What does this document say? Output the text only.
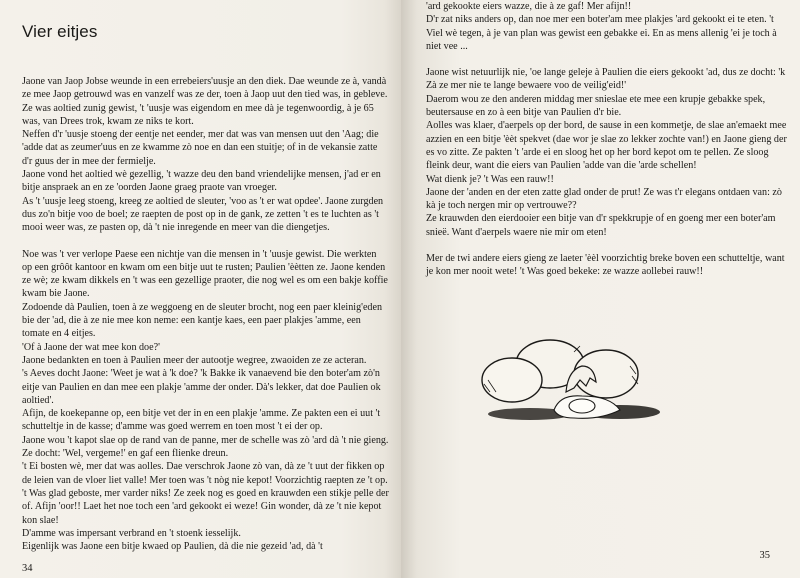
Vier eitjes

Jaone van Jaop Jobse weunde in een errebeiers'uusje an den diek. Dae weunde ze à, vandà ze mee Jaop getrouwd was en vanzelf was ze der, toen à Jaop uut den tied was, in gebleve.

Ze was aoltied zunig gewist, 't 'uusje was eigendom en mee dà je tegenwoordig, à je 65 was, van Drees trok, kwam ze niks te kort.

Neffen d'r 'uusje stoeng der eentje net eender, mer dat was van mensen uut den 'Aag; die 'adde dat as zeumer'uus en ze kwamme zò noe en dan een stuitje; of in de vekansie zatte d'r guus der in mee der fermielje.

Jaone vond het aoltied wè gezellig, 't wazze deu den band vriendelijke mensen, j'ad er en bitje anspraek an en ze 'oorden Jaone graeg praote van vroeger.

As 't 'uusje leeg stoeng, kreeg ze aoltied de sleuter, 'voo as 't er wat opdee'. Jaone zurgden dus zo'n bitje voo de boel; ze raepten de post op in de gank, ze zetten 't es te luchten as 't mooi weer was, ze pasten op, dà 't nie inregende en meer van die diengetjes.

Noe was 't ver verlope Paese een nichtje van die mensen in 't 'uusje gewist. Die werkten op een grôôt kantoor en kwam om een bitje uut te rusten; Paulien 'èètten ze. Jaone kenden ze wè; ze kwam dikkels en 't was een gezellige praoter, die nog wel es om een bakje koffie kwam bie Jaone.

Zodoende dà Paulien, toen à ze weggoeng en de sleuter brocht, nog een paer kleinig'eden bie der 'ad, die à ze nie mee kon neme: een kantje kaes, een paer plakjes 'amme, een tomate en 4 eitjes.

'Of à Jaone der wat mee kon doe?'

Jaone bedankten en toen à Paulien meer der autootje wegree, zwaoiden ze ze acteran.

's Aeves docht Jaone: 'Weet je wat à 'k doe? 'k Bakke ik vanaevend bie den boter'am zò'n eitje van Paulien en dan mee een plakje 'amme der onder. Dà's lekker, dat doe Paulien ok aoltied'.

Afijn, de koekepanne op, een bitje vet der in en een plakje 'amme. Ze pakten een ei uut 't schutteltje in de kasse; d'amme was goed werrem en toen most 't ei der op.

Jaone wou 't kapot slae op de rand van de panne, mer de schelle was zò 'ard dà 't nie gieng. Ze docht: 'Wel, vergeme!' en gaf een flienke dreun.

't Ei bosten wè, mer dat was aolles. Dae verschrok Jaone zò van, dà ze 't uut der fikken op de leien van de vloer liet valle! Mer toen was 't nòg nie kepot! Voorzichtig raepten ze 't op. 't Was glad geboste, mer varder niks! Ze zeek nog es goed en krauwden een stikje pelle der of. Afijn 'oor!! Laet het noe toch een 'ard gekookt ei weze! Gin wonder, dà ze 't nie kepot kon slae!

D'amme was impersant verbrand en 't stoenk iesselijk.

Eigenlijk was Jaone een bitje kwaed op Paulien, dà die nie gezeid 'ad, dà 't

34

'ard gekookte eiers wazze, die à ze gaf! Mer afijn!!

D'r zat niks anders op, dan noe mer een boter'am mee plakjes 'ard gekookt ei te eten. 't Viel wè tegen, à je van plan was gewist een gebakke ei. En as mens allenig 'ei je toch à niet vee ...

Jaone wist netuurlijk nie, 'oe lange geleje à Paulien die eiers gekookt 'ad, dus ze docht: 'k Zà ze mer nie te lange bewaere voo de veilig'eid!'

Daerom wou ze den anderen middag mer snieslae ete mee een krupje gebakke spek, beutersause en zo à een bitje van Paulien d'r bie.

Aolles was klaer, d'aerpels op der bord, de sause in een kommetje, de slae an'emaekt mee azzien en een bitje 'èèt spekvet (dae wor je slae zo lekker zochte van!) en Jaone gieng der es vo zitte. Ze pakten 't 'arde ei en sloog het op her bord kepot om te pellen. Ze sloog fleink deur, want die eiers van Paulien 'adde van die 'arde schellen!

Wat dienk je? 't Was een rauw!!

Jaone der 'anden en der eten zatte glad onder de prut! Ze was t'r elegans ontdaen van: zò kà je toch nergen mir op vertrouwe??

Ze krauwden den eierdooier een bitje van d'r spekkrupje of en goeng mer een boter'am snieë. Want d'aerpels waere nie mir om eten!

Mer de twi andere eiers gieng ze laeter 'èèl voorzichtig breke boven een schutteltje, want je kon mer nooit wete! 't Was goed bekeke: ze wazze aollebei rauw!!

35
